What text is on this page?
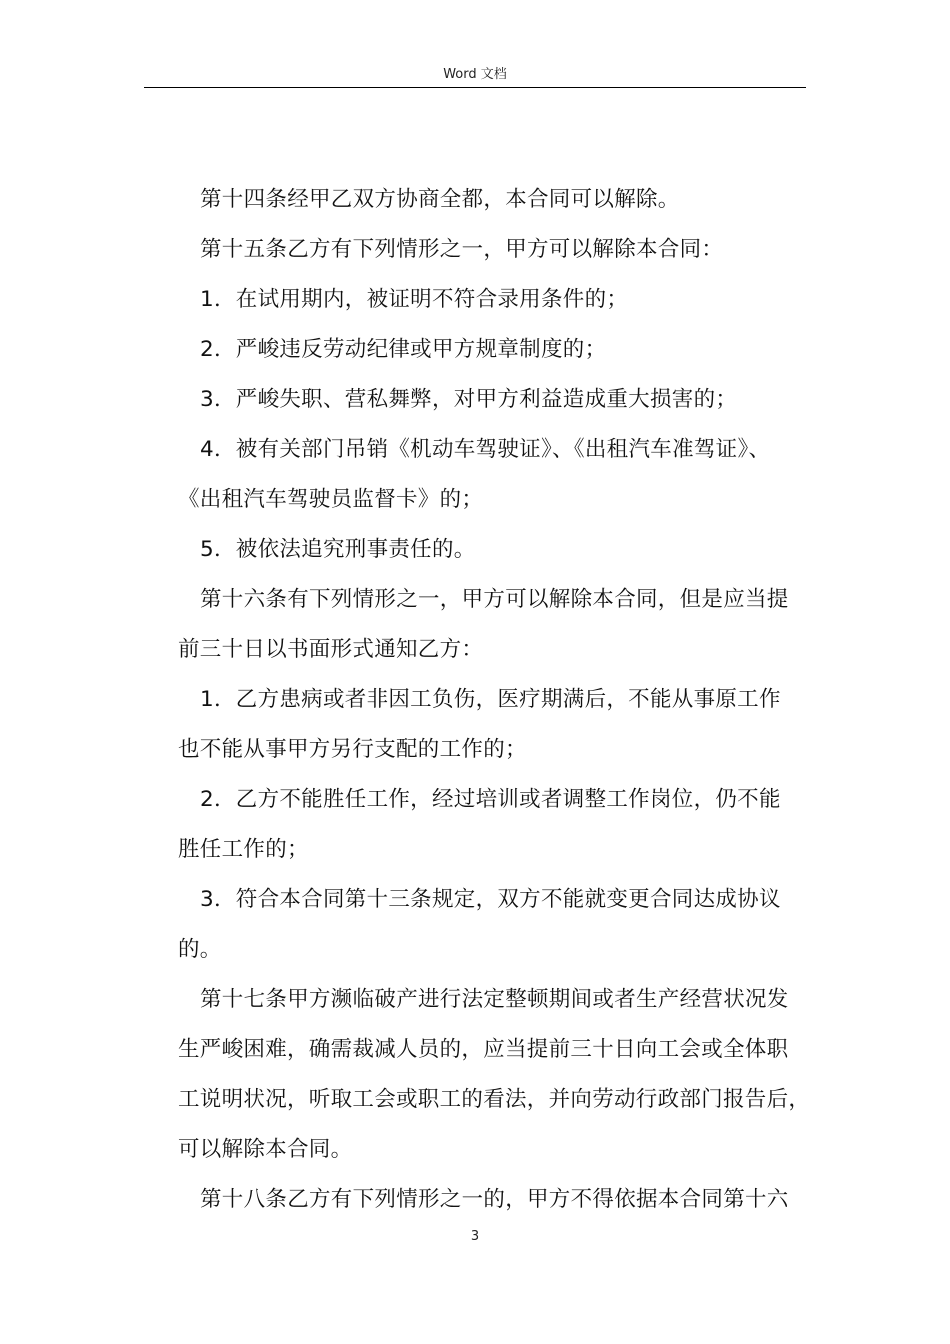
Word 文档
第十四条经甲乙双方协商全都，本合同可以解除。
第十五条乙方有下列情形之一，甲方可以解除本合同：
1．在试用期内，被证明不符合录用条件的；
2．严峻违反劳动纪律或甲方规章制度的；
3．严峻失职、营私舞弊，对甲方利益造成重大损害的；
4．被有关部门吊销《机动车驾驶证》、《出租汽车准驾证》、
《出租汽车驾驶员监督卡》的；
5．被依法追究刑事责任的。
第十六条有下列情形之一，甲方可以解除本合同，但是应当提
前三十日以书面形式通知乙方：
1．乙方患病或者非因工负伤，医疗期满后，不能从事原工作
也不能从事甲方另行支配的工作的；
2．乙方不能胜任工作，经过培训或者调整工作岗位，仍不能
胜任工作的；
3．符合本合同第十三条规定，双方不能就变更合同达成协议
的。
第十七条甲方濒临破产进行法定整顿期间或者生产经营状况发
生严峻困难，确需裁减人员的，应当提前三十日向工会或全体职
工说明状况，听取工会或职工的看法，并向劳动行政部门报告后，
可以解除本合同。
第十八条乙方有下列情形之一的，甲方不得依据本合同第十六
3
